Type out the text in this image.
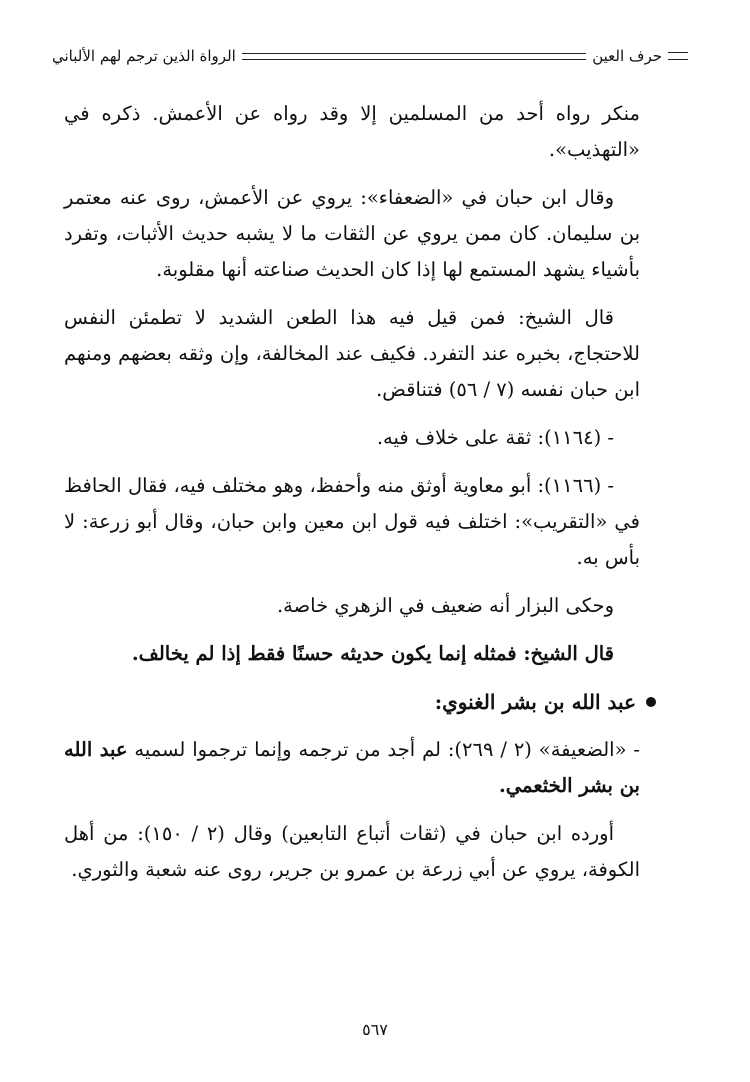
حرف العين
الرواة الذين ترجم لهم الألباني

منكر رواه أحد من المسلمين إلا وقد رواه عن الأعمش. ذكره في «التهذيب».

وقال ابن حبان في «الضعفاء»: يروي عن الأعمش، روى عنه معتمر بن سليمان. كان ممن يروي عن الثقات ما لا يشبه حديث الأثبات، وتفرد بأشياء يشهد المستمع لها إذا كان الحديث صناعته أنها مقلوبة.

قال الشيخ: فمن قيل فيه هذا الطعن الشديد لا تطمئن النفس للاحتجاج، بخبره عند التفرد. فكيف عند المخالفة، وإن وثقه بعضهم ومنهم ابن حبان نفسه (٧ / ٥٦) فتناقض.

- (١١٦٤): ثقة على خلاف فيه.

- (١١٦٦): أبو معاوية أوثق منه وأحفظ، وهو مختلف فيه، فقال الحافظ في «التقريب»: اختلف فيه قول ابن معين وابن حبان، وقال أبو زرعة: لا بأس به.

وحكى البزار أنه ضعيف في الزهري خاصة.

قال الشيخ: فمثله إنما يكون حديثه حسنًا فقط إذا لم يخالف.

عبد الله بن بشر الغنوي:

- «الضعيفة» (٢ / ٢٦٩): لم أجد من ترجمه وإنما ترجموا لسميه عبد الله بن بشر الخثعمي.

أورده ابن حبان في (ثقات أتباع التابعين) وقال (٢ / ١٥٠): من أهل الكوفة، يروي عن أبي زرعة بن عمرو بن جرير، روى عنه شعبة والثوري.

٥٦٧
